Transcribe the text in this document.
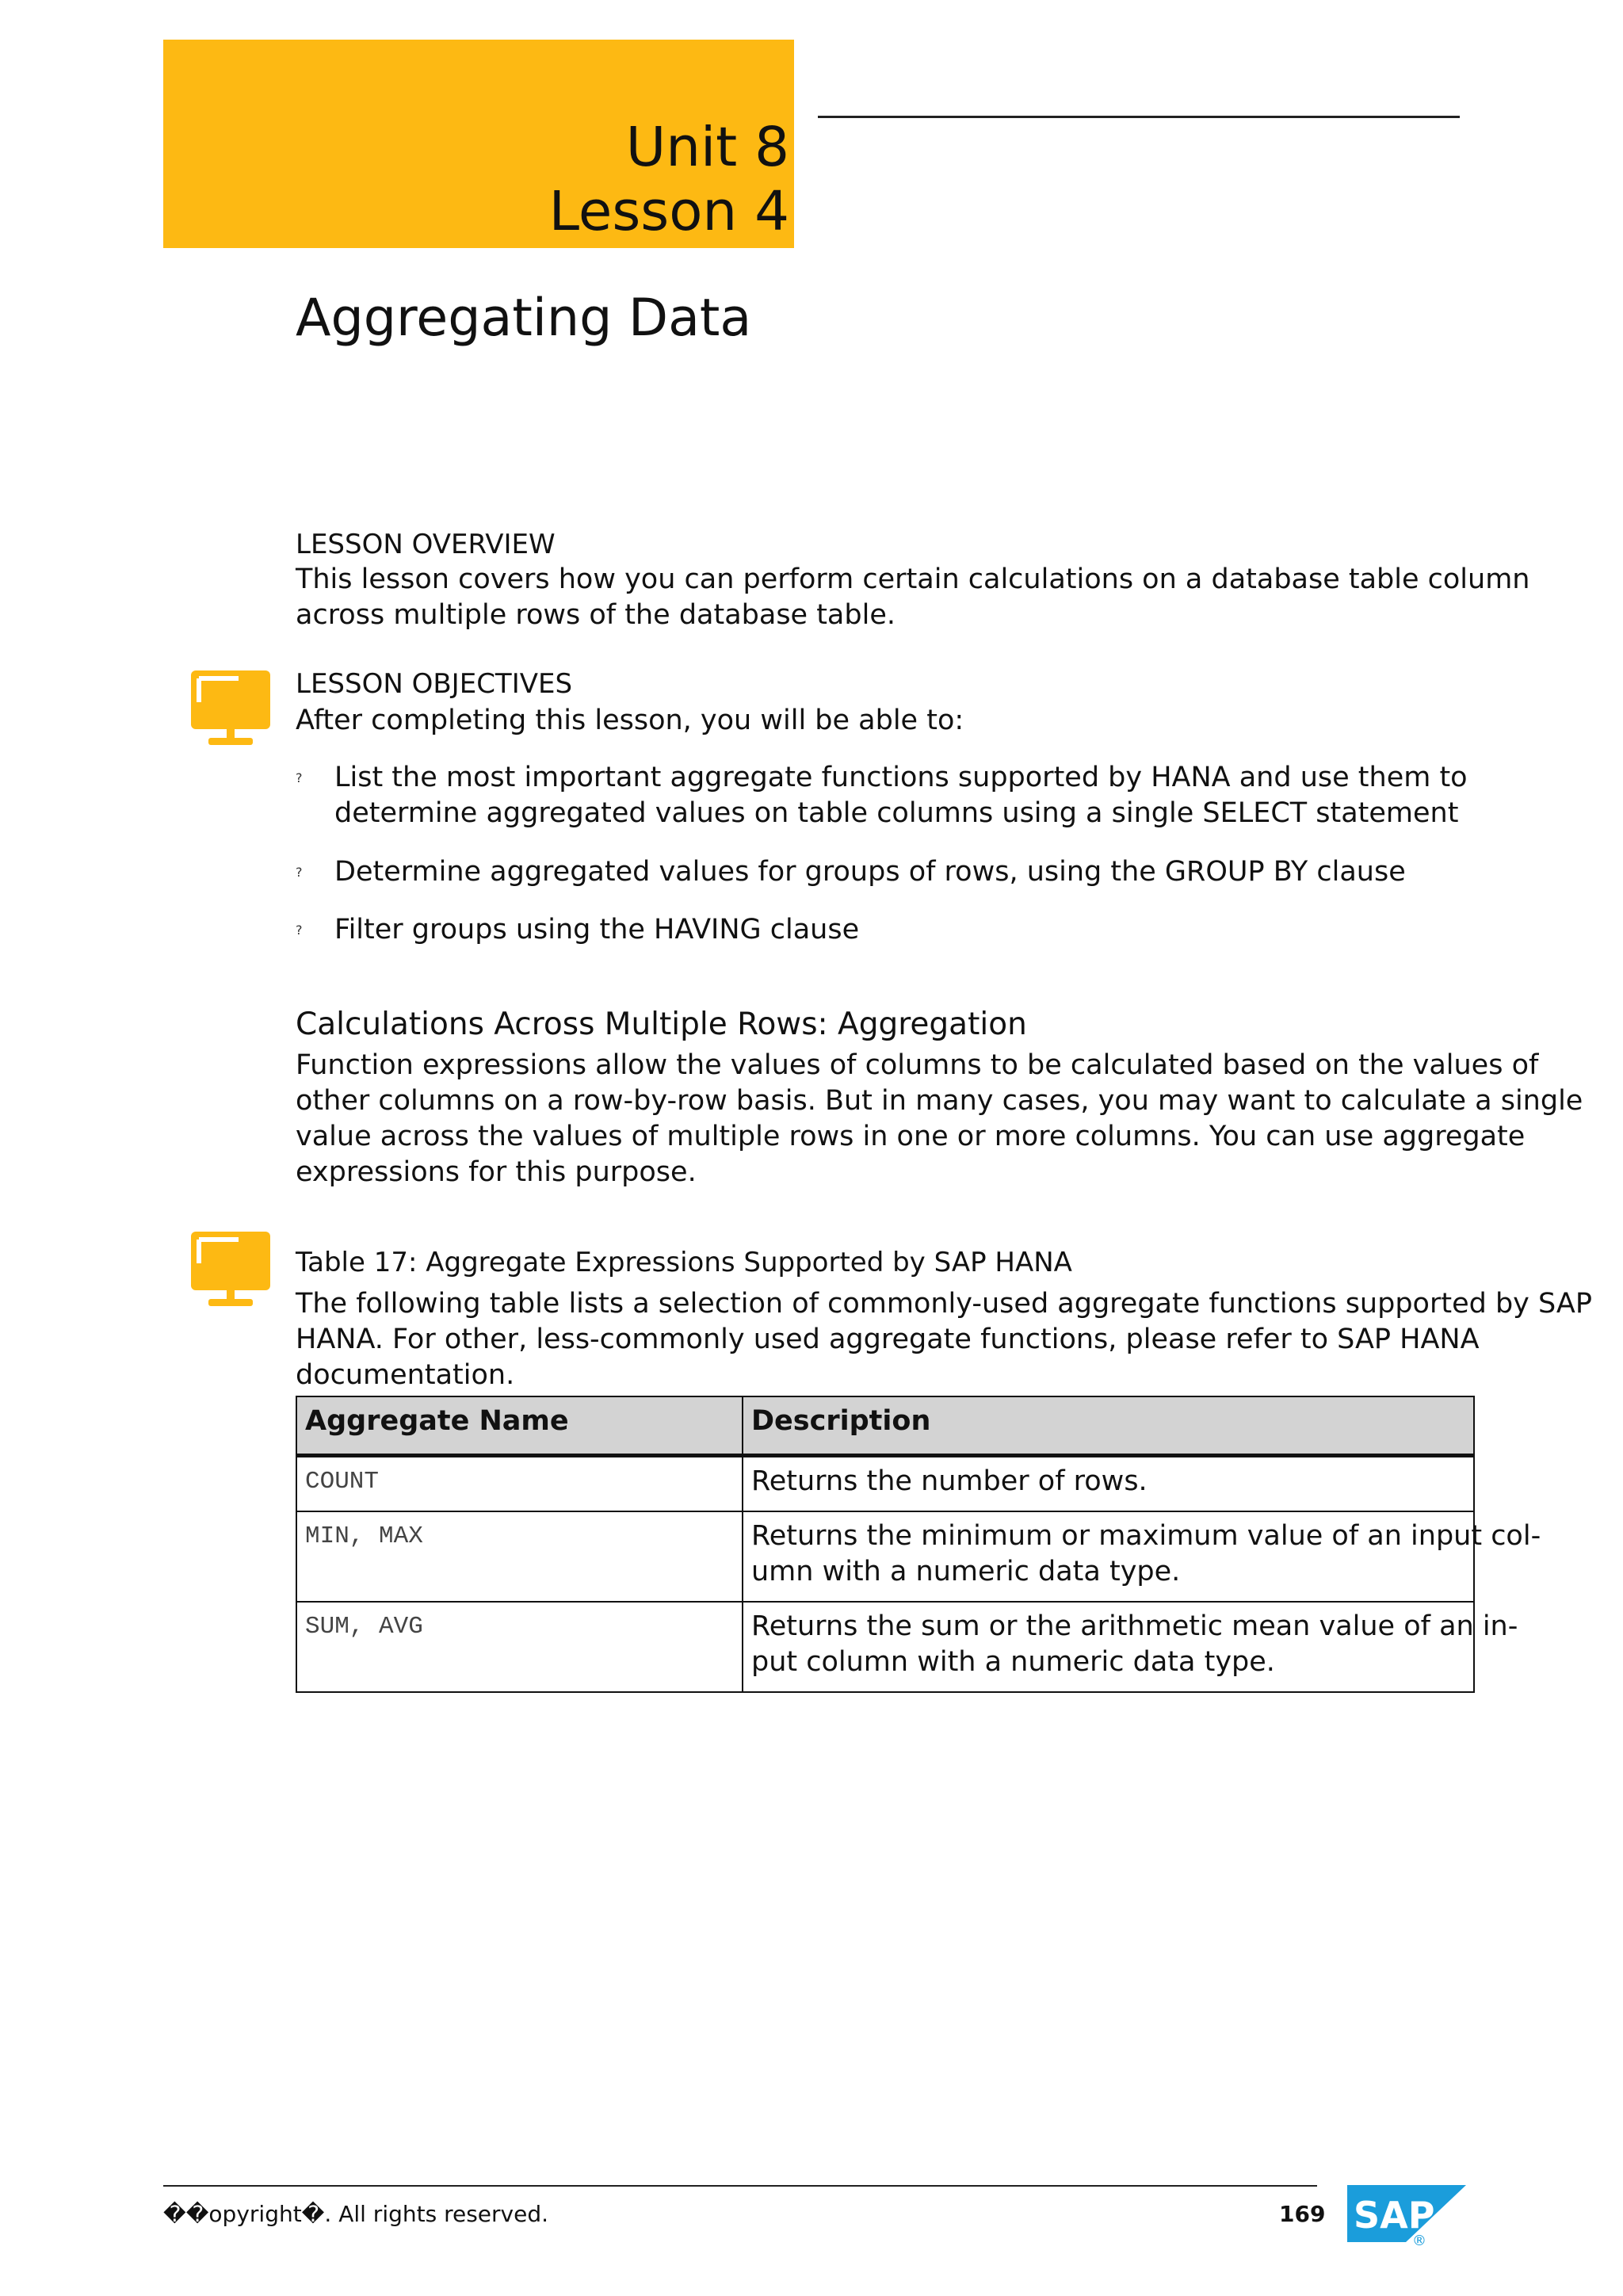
Unit 8
Lesson 4
Aggregating Data
LESSON OVERVIEW
This lesson covers how you can perform certain calculations on a database table column across multiple rows of the database table.
LESSON OBJECTIVES
After completing this lesson, you will be able to:
? List the most important aggregate functions supported by HANA and use them to determine aggregated values on table columns using a single SELECT statement
? Determine aggregated values for groups of rows, using the GROUP BY clause
? Filter groups using the HAVING clause
Calculations Across Multiple Rows: Aggregation
Function expressions allow the values of columns to be calculated based on the values of other columns on a row-by-row basis. But in many cases, you may want to calculate a single value across the values of multiple rows in one or more columns. You can use aggregate expressions for this purpose.
Table 17: Aggregate Expressions Supported by SAP HANA
The following table lists a selection of commonly-used aggregate functions supported by SAP HANA. For other, less-commonly used aggregate functions, please refer to SAP HANA documentation.
Aggregate Name	Description
COUNT	Returns the number of rows.

MIN, MAX	Returns the minimum or maximum value of an input col-
umn with a numeric data type.

SUM, AVG	Returns the sum or the arithmetic mean value of an in-
put column with a numeric data type.
��opyright�. All rights reserved.	169 SAP
®
